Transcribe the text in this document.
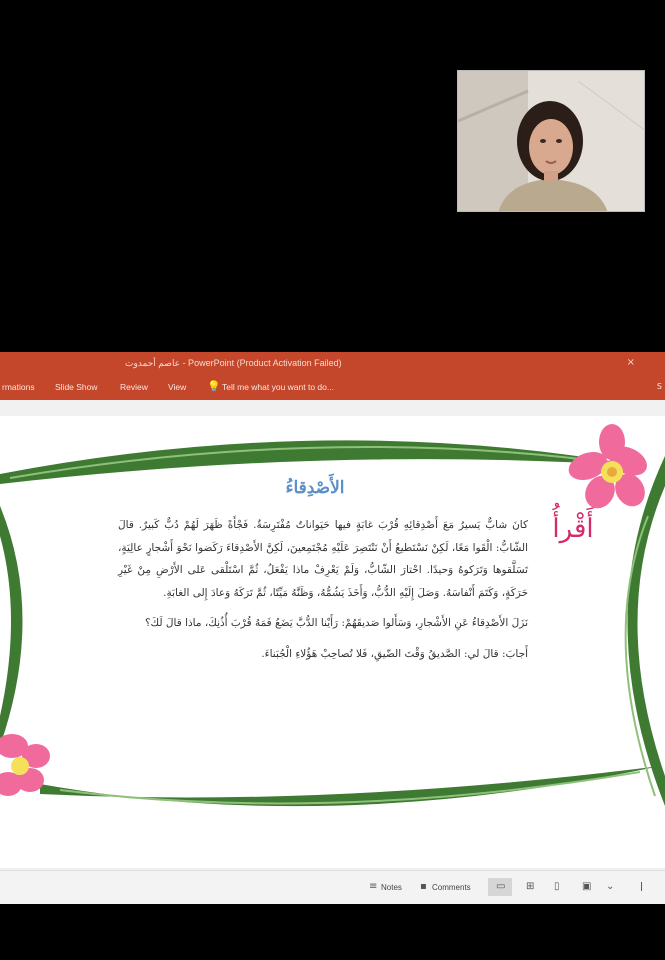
عاصم أحمدوت - PowerPoint (Product Activation Failed)	×
rmations Slide Show	Review View 💡 Tell me what you want to do...	S
الأَصْدِقاءُ
أَقْرأُ

كانَ شابٌّ يَسيرُ مَعَ أَصْدِقائِهِ قُرْبَ غابَةٍ فيها حَيَواناتٌ مُفْتَرِسَةٌ. فَجْأَةً ظَهَرَ لَهُمْ دُبٌّ كَبيرٌ. قالَ الشّابُّ: الْقَوا مَعًا، لَكِنْ نَسْتَطيعُ أَنْ نَنْتَصِرَ عَلَيْهِ مُجْتَمِعينَ، لَكِنَّ الأَصْدِقاءَ رَكَضوا نَحْوَ أَشْجارٍ عالِيَةٍ، تَسَلَّقوها وَتَرَكوهُ وَحيدًا. احْتارَ الشّابُّ، وَلَمْ يَعْرِفْ ماذا يَفْعَلُ، ثُمَّ اسْتَلْقى عَلى الأَرْضِ مِنْ غَيْرِ حَرَكَةٍ، وَكَتَمَ أَنْفاسَهُ. وَصَلَ إِلَيْهِ الدُّبُّ، وَأَخَذَ يَشُمُّهُ، وَظَنَّهُ مَيِّتًا، ثُمَّ تَرَكَهُ وَعادَ إِلى الغابَةِ.

نَزَلَ الأَصْدِقاءُ عَنِ الأَشْجارِ، وَسَأَلوا صَديقَهُمْ: رَأَيْنا الدُّبَّ يَضَعُ فَمَهُ قُرْبَ أُذُنِكَ، ماذا قالَ لَكَ؟

أَجابَ: قالَ لي: الصَّديقُ وَقْتَ الضّيقِ، فَلا تُصاحِبْ هَؤُلاءِ الْجُبَناءَ.

≡ Notes ▪ Comments	▭ ⊞ ▯ ▣ ⌄	ǀ
